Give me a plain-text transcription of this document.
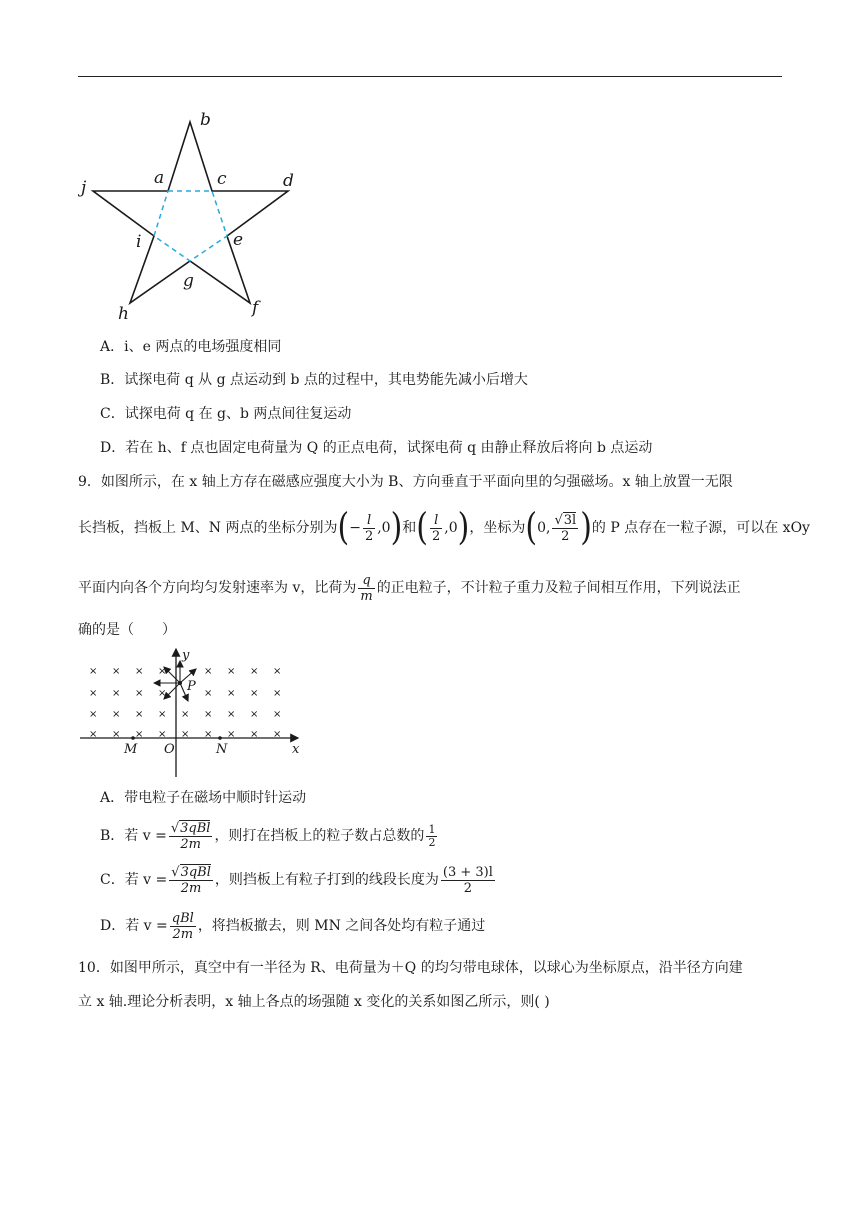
b
a	c	d
j
i	e
g
h	f
A．i、e 两点的电场强度相同
B．试探电荷 q 从 g 点运动到 b 点的过程中，其电势能先减小后增大
C．试探电荷 q 在 g、b 两点间往复运动
D．若在 h、f 点也固定电荷量为 Q 的正点电荷，试探电荷 q 由静止释放后将向 b 点运动
9．如图所示，在 x 轴上方存在磁感应强度大小为 B、方向垂直于平面向里的匀强磁场。x 轴上放置一无限
长挡板，挡板上 M、N 两点的坐标分别为(− $\frac{l}{2} ,0$)和( $\frac{l}{2} ,0$)，坐标为(0, $\frac{√3l}{2}$ )的 P 点存在一粒子源，可以在 xOy
平面内向各个方向均匀发射速率为 v，比荷为 $\frac{q}{m}$ 的正电粒子，不计粒子重力及粒子间相互作用，下列说法正
确的是（　　）
× × × ×	× × × ×
× × × ×	× × × ×
× × × × × × × × ×
× × × × × × × × ×
y
x
P
M O	N
A．带电粒子在磁场中顺时针运动
B．若 $v = \frac{\text{√3qBl}}{2m}$ ，则打在挡板上的粒子数占总数的 $\frac{1}{2}$
C．若 $v = \frac{\text{√3qBl}}{2m}$ ，则挡板上有粒子打到的线段长度为 $\frac{(3 + 3)l}{2}$
D．若 $v = \frac{\text{qBl}}{2m}$ ，将挡板撤去，则 MN 之间各处均有粒子通过
10．如图甲所示，真空中有一半径为 R、电荷量为＋Q 的均匀带电球体，以球心为坐标原点，沿半径方向建
立 x 轴.理论分析表明，x 轴上各点的场强随 x 变化的关系如图乙所示，则( )
